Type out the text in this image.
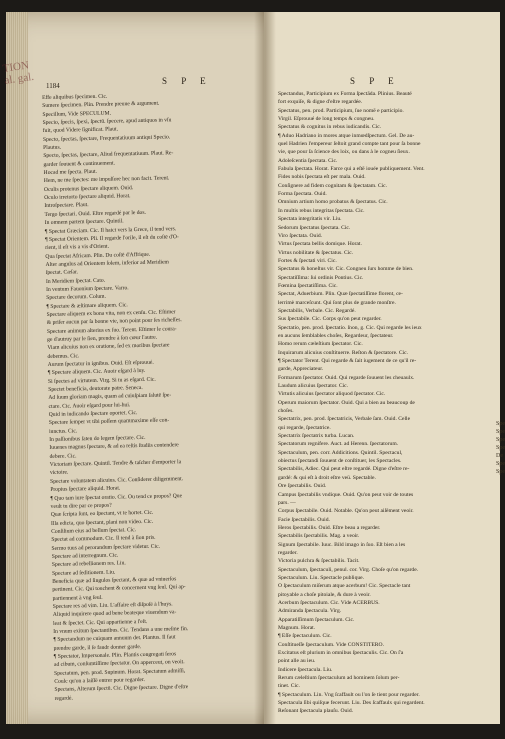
TION
al. gal.	1184	S P E	S P E
Effe aliquibus ſpecimen. Cic.
Sumere ſpecimen. Plin. Prendre preuue & argument.
Specillum, Vide SPECULUM.
Specio, ſpecis, ſpexi, ſpectū. ſpecere, apud antiquos in vſu
fuit, quod Videre ſignificat. Plaut.
Specto, ſpectas, ſpectare, Frequentatiuum antiqui Specio.
Plautus.
Specto, ſpectas, ſpectare, Aliud frequentatiuum. Plaut. Re-
garder ſouuent & continuement.
Hocad me ſpecta. Plaut.
Hem, ne me ſpectes: me impulſore hec non facit. Terent.
Oculis protenus ſpectare aliquem. Ouid.
Oculo irretorto ſpectare aliquid. Horat.
Introſpectare. Plaut.
Tergo ſpectari. Ouid. Eſtre regardé par le dos.
In omnem partem ſpectare. Quintil.
¶ Spectat Græciam. Cic. Il haict vers la Grece, il tend vers.
¶ Spectat Orientem. Pli. Il regarde l'orile, il eſt du coſtē d'O-
rient, il eſt vis a vis d'Orient.
Qua ſpectat Africam. Plin. Du coſtē d'Affrique.
Alter angulus ad Orientem ſolem, inferior ad Meridiem
ſpectat. Cæſar.
In Meridiem ſpectat. Cato.
In ventum Fauonium ſpectare. Varro.
Spectare decorum. Colum.
¶ Spectare & æſtimare aliquem. Cic.
Spectare aliquem ex bona vita, non ex cenſu. Cic. Eſtimer
& priſer aucun par ſa bonne vie, non point pour ſes richeſſes.
Spectare animum alterius ex ſuo. Terent. Eſtimer le coura-
ge d'autruy par le ſien, prendre à ſon cœur l'autre.
Viam alicuius non ex oratione, ſed ex moribus ſpectare
debemus. Cic.
Aurum ſpectatur in ignibus. Ouid. Eſt eſprouué.
¶ Spectare aliquem. Cic. Auoir eſgard à luy.
Si ſpectes ad virtutem. Virg. Si tu as eſgard. Cic.
Spectet beneficia, deutorate patre. Seneca.
Ad ſuum gloriam magis, quam ad cuiuſpiam ſalutē ſpe-
ctare. Cic. Auoir eſgard pour lui-hui.
Quid in iudicando ſpectare oportet. Cic.
Spectare ſemper vt tibi poſſem quammaxime eſſe con-
iunctus. Cic.
In paſſionibus ſaten do legem ſpectare. Cic.
Iuuenes magnus ſpectare, & ad ea reſtis ſtudiis contendere
debere. Cic.
Victoriam ſpectare. Quintil. Tendre & taſcher d'emporter la
victoire.
Spectare voluntatem alicuius. Cic. Conſiderer diligemment.
Propius ſpectare aliquid. Horat.
¶ Quo tam iure ſpectat oratio. Cic. Ou tend ce propos? Que
veult tu dire par ce propos?
Quæ ſcripta ſunt, eo ſpectant, vt te hortet. Cic.
Illa edicta, quo ſpectant, plani non video. Cic.
Conſilium eius ad bellum ſpectat. Cic.
Spectat ad commodum. Cic. Il tend à ſion pris.
Sermo tuus ad perorandum ſpectare videtur. Cic.
Spectare ad interregnum. Cic.
Spectare ad rebellionem res. Liu.
Spectare ad ſeditionem. Liu.
Beneficia quæ ad ſingulos ſpectant, & quæ ad vniuerſos
pertinent. Cic. Qui touchent & concernent vng ſeul. Qui ap-
partiennent à vng ſeul.
Spectare res ad vim. Liu. L'affaire eſt diſpoſé à l'huys.
Aliquid inquirere quod ad bene beateque viuendum va-
leat & ſpectet. Cic. Qui appartienne a ſ'eſt.
In vnum exitum ſpectantibus. Cic. Tendans a une meſme fin.
¶ Spectandum ne cuiquam annuum det. Plantus. Il faut
prendre garde, il ſe faudr donner garde.
¶ Spectator, Impersonale. Plin. Plantis congregati ſeros
ad cibum, conſumtiſſime ſpectatur. On apperceut, on veoit.
Spectatum, pen. prod. Supinum. Horat. Spectatum admiſſi,
Coulc qu'on a laiſſé entrer pour regarder.
Spectans, Alterum ſpectū. Cic. Digne ſpectare. Digne d'eſtre
regardé.
Spectandus, Participium ex Forma ſpectāda. Plinius. Beauté
fort exquiſe, & digne d'eſtre regardée.
Spectatus, pen. prod. Participium, ſue nomē e participio.
Virgil. Eſprouué de long temps & congneu.
Spectatus & cognitus in rebus iudicandis. Cic.
¶ Aduo Hadriano in mores atque inmœdſpectum. Gel. De au-
quel Hadrien l'empereur ſeſtoit grand compte tant pour ſa bonne
vie, que pour ſa ſcience des loix, ou dans à le cogneu ſieux.
Adoleſcentia ſpectata. Cic.
Fabula ſpectata. Horat. Farce qui a eſtē iouée publiquement. Vent.
Fides nobis ſpectata eſt per mala. Ouid.
Conſignere ad fidem cognitam & ſpectatam. Cic.
Forma ſpectata. Ouid.
Omnium artium homo probatus & ſpectatus. Cic.
In multis rebus integritas ſpectata. Cic.
Spectata integritatis vir. Liu.
Sedorum ſpectatus ſpectata. Cic.
Viro ſpectata. Ouid.
Virtus ſpectata bellis domique. Horat.
Virtus nobilitate & ſpectatus. Cic.
Fortes & ſpectati viri. Cic.
Spectatus & honeſtus vir. Cic. Congneu ſurs homme de bien.
Spectatiſſima: ſui ordinis Pontius. Cic.
Fœmina ſpectatiſſima. Cic.
Spectat, Aduerbium. Plin. Quæ ſpectatiſſime florent, ce-
lerrimè marceſcunt. Qui ſont plus de grande monſtre.
Spectabilis, Verbale. Cic. Regardé.
Sus ſpectabile. Cic. Corps qu'on peut regarder.
Spectatio, pen. prod. ſpectatio. ſnon, g. Cic. Qui regarde les ieux
en aucuns ſemblables choſes, Regardeur, ſpectateur.
Homo rerum cæleſtium ſpectator. Cic.
Inquirarum alicuius conſtituerre. Reſton & ſpectatore. Cic.
¶ Spectator Terent. Qui regarde & ſait iugement de ce qu'il re-
garde, Appreciateur.
Formarum ſpectator. Ouid. Qui regarde ſouuent les cheuaulx.
Laudum alicuius ſpectator. Cic.
Virtutis alicuius ſpectator aliquod ſpectator. Cic.
Operum maiorum ſpectator. Ouid. Qui a bien au beaucoup de
choſes.
Spectatrix, pen. prod. ſpectatricis, Verbale ſam. Ouid. Celle
qui regarde, ſpectatrice.
Spectatrix ſpectatrix turba. Lucan.
Spectatorum regnifere. Auct. ad Herenn. ſpectatorum.
Spectaculum, pen. corr. Addicitions. Quintil. Spectacul,
obiectus ſpectandi ſouuent de conſtituer, les Spectacles.
Spectabilis, Adiec. Qui peut eſtre regardé. Digne d'eſtre re-
gardé: & qui eſt à droit eſtre veü. Spectable.
Ore ſpectabilis. Ouid.
Campus ſpectabilis vndique. Ouid. Qu'on peut voir de toutes
pars. —
Corpus ſpectabile. Ouid. Notable. Qu'on peut aiſément veoir.
Facie ſpectabilis. Ouid.
Heros ſpectabilis. Ouid. Eſtre beau a regarder.
Spectabilis ſpectabilis. Mag. a veoir.
Signum ſpectabile. Iuuc. Bild imago in ſuo. Eſt bien a les
regarder.
Victoria pulchra & ſpectabilis. Tacit.
Spectaculum, ſpectaculi, penul. cor. Virg. Choſe qu'on regarde.
Spectaculum. Liu. Spectacle publique.
O ſpectaculum miſerum atque acerbum! Cic. Spectacle tant
pitoyable a choſe pitoiale, & dure à veoir.
Acerbum ſpectaculum. Cic. Vide ACERBUS.
Admiranda ſpectacula. Virg.
Apparatiſſimum ſpectaculum. Cic.
Magnum. Horat.
¶ Eſſe ſpectaculum. Cic.
Conſtitueſſe ſpectaculum. Vide CONSTITERO.
Excitatus eſt plurium in omnibus ſpectaculis. Cic. On ſ'a
point alle au ieu.
Indicere ſpectacula. Liu.
Rerum cæleſtium ſpectaculum ad hominem ſolum per-
tinet. Cic.
¶ Spectaculum. Lin. Vng ſcaffault ou l'on ſe tient pour regarder.
Spectacula ſibi quiſque fecerunt. Liu. Des ſcaffaulx qui regardent.
Reſonant ſpectacula plauſu. Ouid.
Spe
Spe
Spe
Spe
De
Spe
Spe
